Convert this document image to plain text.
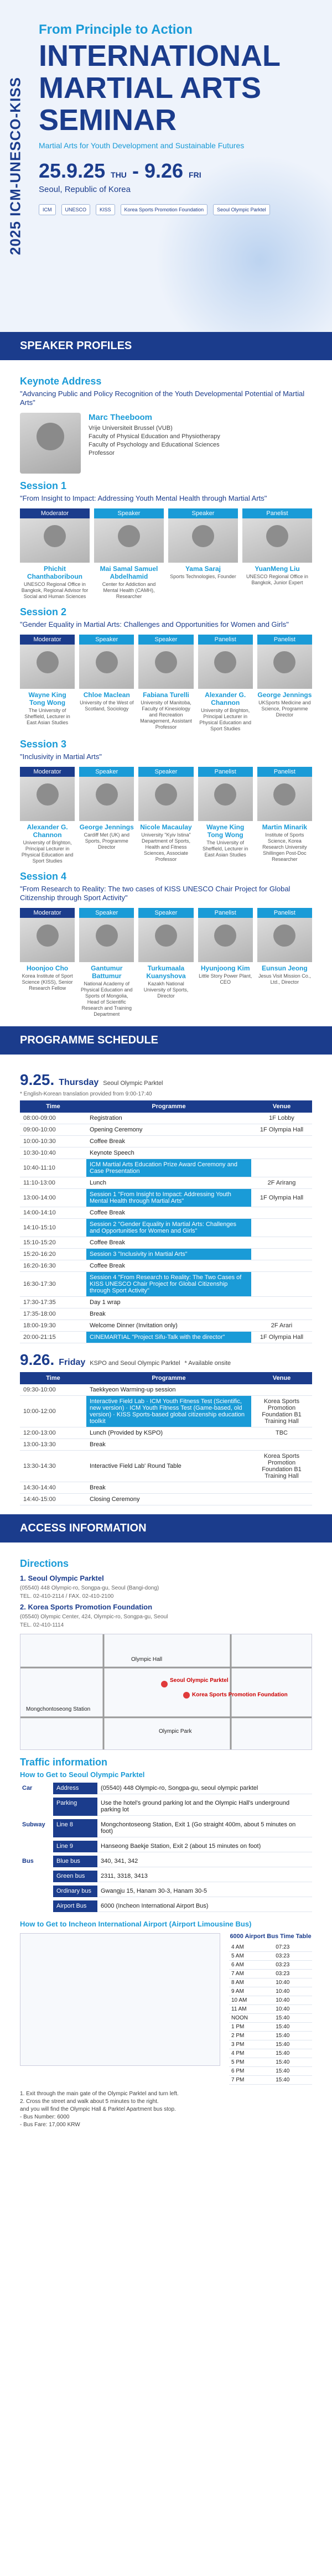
2025 ICM-UNESCO-KISS
From Principle to Action
INTERNATIONAL
MARTIAL ARTS
SEMINAR
Martial Arts for Youth Development and Sustainable Futures
25.9.25 THU - 9.26 FRI
Seoul, Republic of Korea
ICM	UNESCO	KISS	Korea Sports Promotion Foundation	Seoul Olympic Parktel
SPEAKER PROFILES
Keynote Address
"Advancing Public and Policy Recognition of the Youth Developmental Potential of Martial Arts"
Marc Theeboom
Vrije Universiteit Brussel (VUB)
Faculty of Physical Education and Physiotherapy
Faculty of Psychology and Educational Sciences
Professor
Session 1
"From Insight to Impact: Addressing Youth Mental Health through Martial Arts"
Moderator
Phichit Chanthaboriboun
UNESCO Regional Office in Bangkok, Regional Advisor for Social and Human Sciences
Speaker
Mai Samal Samuel Abdelhamid
Center for Addiction and Mental Health (CAMH), Researcher
Speaker
Yama Saraj
Sports Technologies, Founder
Panelist
YuanMeng Liu
UNESCO Regional Office in Bangkok, Junior Expert
Session 2
"Gender Equality in Martial Arts: Challenges and Opportunities for Women and Girls"
Moderator
Wayne King Tong Wong
The University of Sheffield, Lecturer in East Asian Studies
Speaker
Chloe Maclean
University of the West of Scotland, Sociology
Speaker
Fabiana Turelli
University of Manitoba, Faculty of Kinesiology and Recreation Management, Assistant Professor
Panelist
Alexander G. Channon
University of Brighton, Principal Lecturer in Physical Education and Sport Studies
Panelist
George Jennings
UKSports Medicine and Science, Programme Director
Session 3
"Inclusivity in Martial Arts"
Moderator
Alexander G. Channon
University of Brighton, Principal Lecturer in Physical Education and Sport Studies
Speaker
George Jennings
Cardiff Met (UK) and Sports, Programme Director
Speaker
Nicole Macaulay
University "Kyiv Istina" Department of Sports, Health and Fitness Sciences, Associate Professor
Panelist
Wayne King Tong Wong
The University of Sheffield, Lecturer in East Asian Studies
Panelist
Martin Minarik
Institute of Sports Science, Korea Research University Shillingen Post-Doc Researcher
Session 4
"From Research to Reality: The two cases of KISS UNESCO Chair Project for Global Citizenship through Sport Activity"
Moderator
Hoonjoo Cho
Korea Institute of Sport Science (KISS), Senior Research Fellow
Speaker
Gantumur Battumur
National Academy of Physical Education and Sports of Mongolia, Head of Scientific Research and Training Department
Speaker
Turkumaala Kuanyshova
Kazakh National University of Sports, Director
Panelist
Hyunjoong Kim
Little Story Power Plant, CEO
Panelist
Eunsun Jeong
Jesus Visit Mission Co., Ltd., Director
PROGRAMME SCHEDULE
9.25. Thursday Seoul Olympic Parktel
* English-Korean translation provided from 9:00-17:40
Time	Programme	Venue
08:00-09:00	Registration	1F Lobby
09:00-10:00	Opening Ceremony	1F Olympia Hall
10:00-10:30	Coffee Break	
10:30-10:40	Keynote Speech	
10:40-11:10	ICM Martial Arts Education Prize Award Ceremony and Case Presentation	
11:10-13:00	Lunch	2F Arirang
13:00-14:00	Session 1 "From Insight to Impact: Addressing Youth Mental Health through Martial Arts"	1F Olympia Hall
14:00-14:10	Coffee Break	
14:10-15:10	Session 2 "Gender Equality in Martial Arts: Challenges and Opportunities for Women and Girls"	
15:10-15:20	Coffee Break	
15:20-16:20	Session 3 "Inclusivity in Martial Arts"	
16:20-16:30	Coffee Break	
16:30-17:30	Session 4 "From Research to Reality: The Two Cases of KISS UNESCO Chair Project for Global Citizenship through Sport Activity"	
17:30-17:35	Day 1 wrap	
17:35-18:00	Break	
18:00-19:30	Welcome Dinner (Invitation only)	2F Arari
20:00-21:15	CINEMARTIAL "Project Sifu-Talk with the director"	1F Olympia Hall
9.26. Friday KSPO and Seoul Olympic Parktel * Available onsite
Time	Programme	Venue
09:30-10:00	Taekkyeon Warming-up session	
10:00-12:00	Interactive Field Lab · ICM Youth Fitness Test (Scientific, new version) · ICM Youth Fitness Test (Game-based, old version) · KISS Sports-based global citizenship education toolkit	Korea Sports Promotion Foundation B1 Training Hall
12:00-13:00	Lunch (Provided by KSPO)	TBC
13:00-13:30	Break	
13:30-14:30	Interactive Field Lab' Round Table	Korea Sports Promotion Foundation B1 Training Hall
14:30-14:40	Break	
14:40-15:00	Closing Ceremony	
ACCESS INFORMATION
Directions
1. Seoul Olympic Parktel
(05540) 448 Olympic-ro, Songpa-gu, Seoul (Bangi-dong)
TEL. 02-410-2114 / FAX. 02-410-2100
2. Korea Sports Promotion Foundation
(05540) Olympic Center, 424, Olympic-ro, Songpa-gu, Seoul
TEL. 02-410-1114
Seoul Olympic Parktel
Korea Sports Promotion Foundation
Olympic Hall
Mongchontoseong Station
Olympic Park
Traffic information
How to Get to Seoul Olympic Parktel
Car	Address	(05540) 448 Olympic-ro, Songpa-gu, seoul olympic parktel
Parking	Use the hotel's ground parking lot and the Olympic Hall's underground parking lot
Subway	Line 8	Mongchontoseong Station, Exit 1 (Go straight 400m, about 5 minutes on foot)
Line 9	Hanseong Baekje Station, Exit 2 (about 15 minutes on foot)
Bus	Blue bus	340, 341, 342
Green bus	2311, 3318, 3413
Ordinary bus	Gwangju 15, Hanam 30-3, Hanam 30-5
Airport Bus	6000 (Incheon International Airport Bus)
How to Get to Incheon International Airport (Airport Limousine Bus)
6000 Airport Bus Time Table
4 AM	07:23
5 AM	03:23
6 AM	03:23
7 AM	03:23
8 AM	10:40
9 AM	10:40
10 AM	10:40
11 AM	10:40
NOON	15:40
1 PM	15:40
2 PM	15:40
3 PM	15:40
4 PM	15:40
5 PM	15:40
6 PM	15:40
7 PM	15:40
1. Exit through the main gate of the Olympic Parktel and turn left.
2. Cross the street and walk about 5 minutes to the right.
and you will find the Olympic Hall & Parktel Apartment bus stop.
- Bus Number: 6000
- Bus Fare: 17,000 KRW
